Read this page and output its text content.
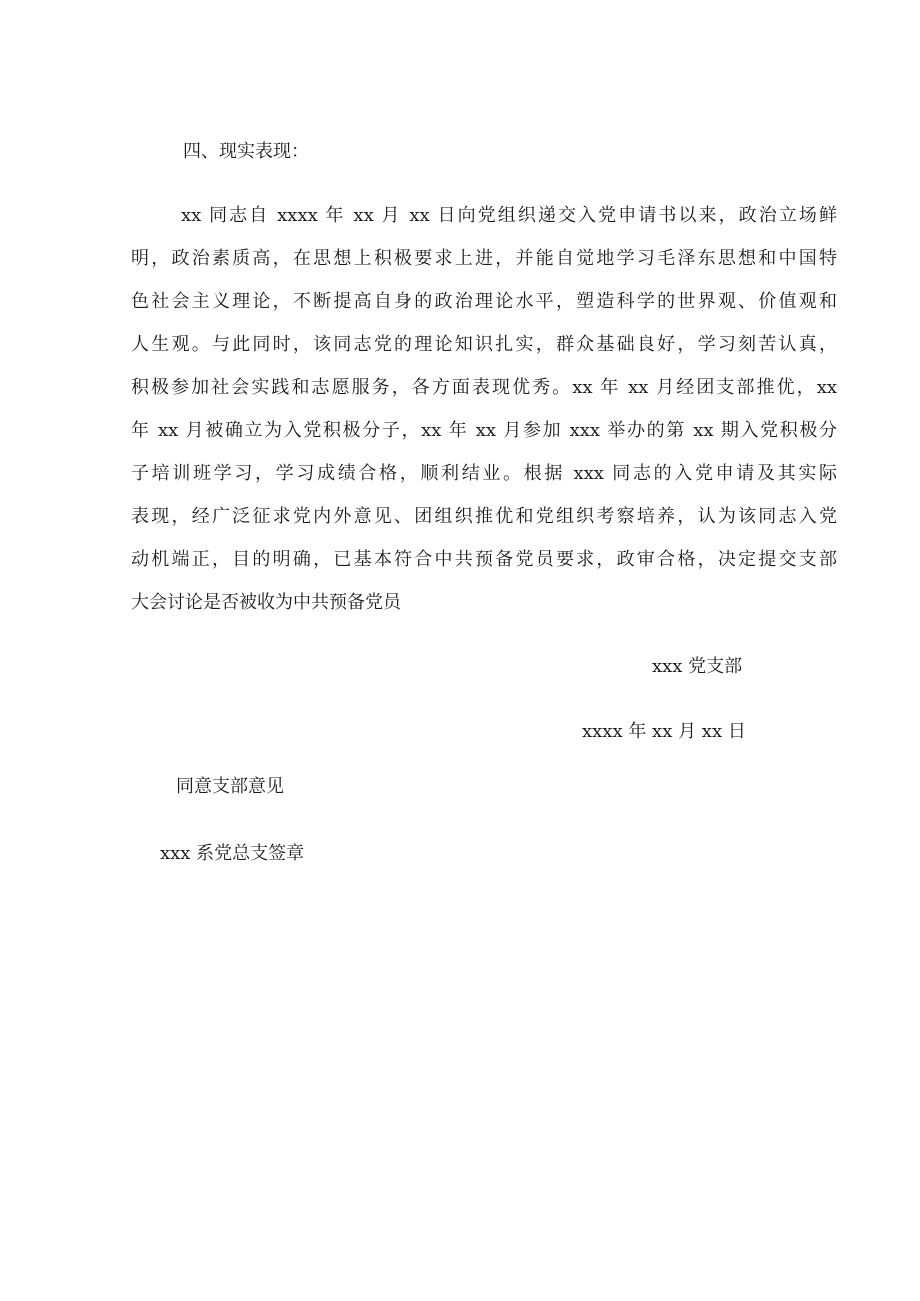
四、现实表现：
xx 同志自 xxxx 年 xx 月 xx 日向党组织递交入党申请书以来，政治立场鲜
明，政治素质高，在思想上积极要求上进，并能自觉地学习毛泽东思想和中国特
色社会主义理论，不断提高自身的政治理论水平，塑造科学的世界观、价值观和
人生观。与此同时，该同志党的理论知识扎实，群众基础良好，学习刻苦认真，
积极参加社会实践和志愿服务，各方面表现优秀。xx 年 xx 月经团支部推优，xx
年 xx 月被确立为入党积极分子，xx 年 xx 月参加 xxx 举办的第 xx 期入党积极分
子培训班学习，学习成绩合格，顺利结业。根据 xxx 同志的入党申请及其实际
表现，经广泛征求党内外意见、团组织推优和党组织考察培养，认为该同志入党
动机端正，目的明确，已基本符合中共预备党员要求，政审合格，决定提交支部
大会讨论是否被收为中共预备党员
xxx 党支部
xxxx 年 xx 月 xx 日
同意支部意见
xxx 系党总支签章
